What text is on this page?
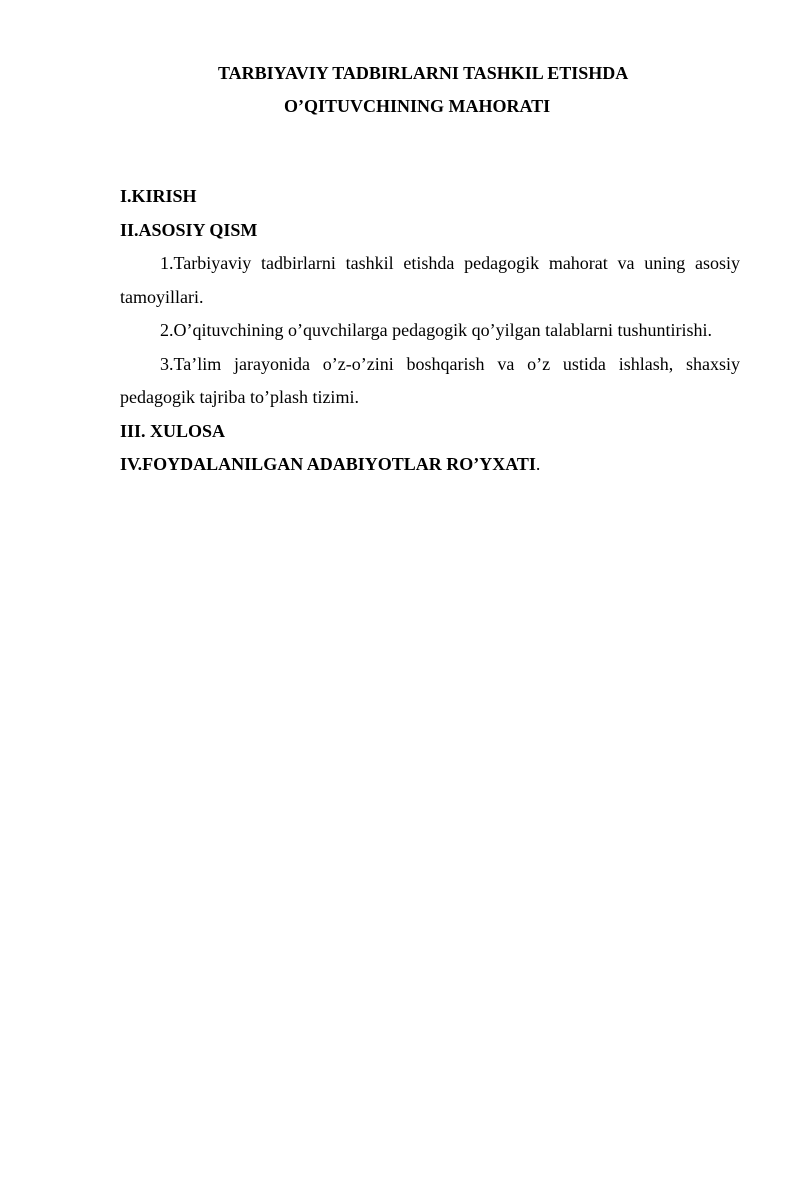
TARBIYAVIY TADBIRLARNI TASHKIL ETISHDA
O’QITUVCHINING MAHORATI

I.KIRISH

II.ASOSIY QISM

1.Tarbiyaviy tadbirlarni tashkil etishda pedagogik mahorat va uning asosiy tamoyillari.

2.O’qituvchining o’quvchilarga pedagogik qo’yilgan talablarni tushuntirishi.

3.Ta’lim jarayonida o’z-o’zini boshqarish va o’z ustida ishlash, shaxsiy pedagogik tajriba to’plash tizimi.

III. XULOSA

IV.FOYDALANILGAN ADABIYOTLAR RO’YXATI.
